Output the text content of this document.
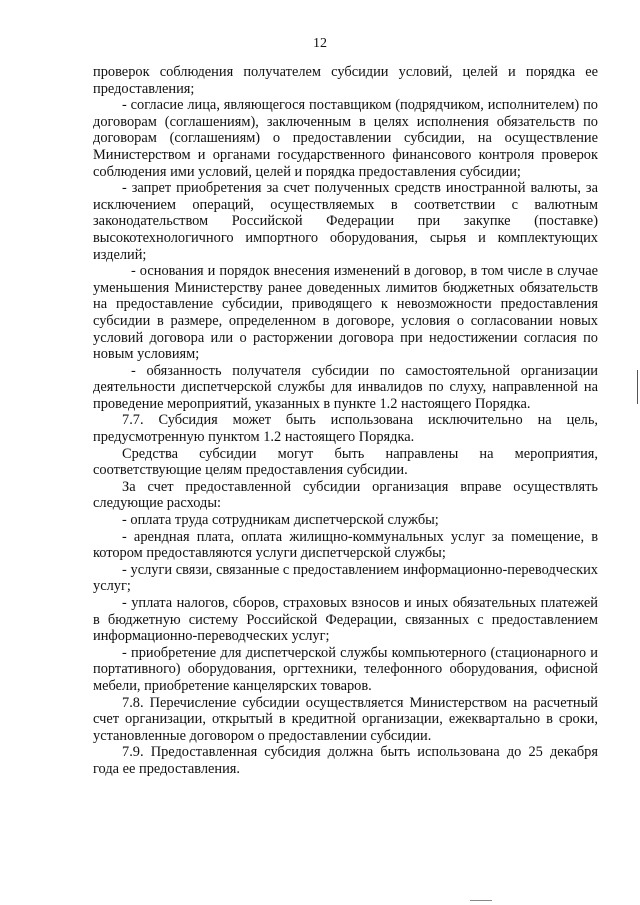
12

проверок соблюдения получателем субсидии условий, целей и порядка ее предоставления;

- согласие лица, являющегося поставщиком (подрядчиком, исполнителем) по договорам (соглашениям), заключенным в целях исполнения обязательств по договорам (соглашениям) о предоставлении субсидии, на осуществление Министерством и органами государственного финансового контроля проверок соблюдения ими условий, целей и порядка предоставления субсидии;

- запрет приобретения за счет полученных средств иностранной валюты, за исключением операций, осуществляемых в соответствии с валютным законодательством Российской Федерации при закупке (поставке) высокотехнологичного импортного оборудования, сырья и комплектующих изделий;

- основания и порядок внесения изменений в договор, в том числе в случае уменьшения Министерству ранее доведенных лимитов бюджетных обязательств на предоставление субсидии, приводящего к невозможности предоставления субсидии в размере, определенном в договоре, условия о согласовании новых условий договора или о расторжении договора при недостижении согласия по новым условиям;

- обязанность получателя субсидии по самостоятельной организации деятельности диспетчерской службы для инвалидов по слуху, направленной на проведение мероприятий, указанных в пункте 1.2 настоящего Порядка.

7.7. Субсидия может быть использована исключительно на цель, предусмотренную пунктом 1.2 настоящего Порядка.

Средства субсидии могут быть направлены на мероприятия, соответствующие целям предоставления субсидии.

За счет предоставленной субсидии организация вправе осуществлять следующие расходы:

- оплата труда сотрудникам диспетчерской службы;

- арендная плата, оплата жилищно-коммунальных услуг за помещение, в котором предоставляются услуги диспетчерской службы;

- услуги связи, связанные с предоставлением информационно-переводческих услуг;

- уплата налогов, сборов, страховых взносов и иных обязательных платежей в бюджетную систему Российской Федерации, связанных с предоставлением информационно-переводческих услуг;

- приобретение для диспетчерской службы компьютерного (стационарного и портативного) оборудования, оргтехники, телефонного оборудования, офисной мебели, приобретение канцелярских товаров.

7.8. Перечисление субсидии осуществляется Министерством на расчетный счет организации, открытый в кредитной организации, ежеквартально в сроки, установленные договором о предоставлении субсидии.

7.9. Предоставленная субсидия должна быть использована до 25 декабря года ее предоставления.
